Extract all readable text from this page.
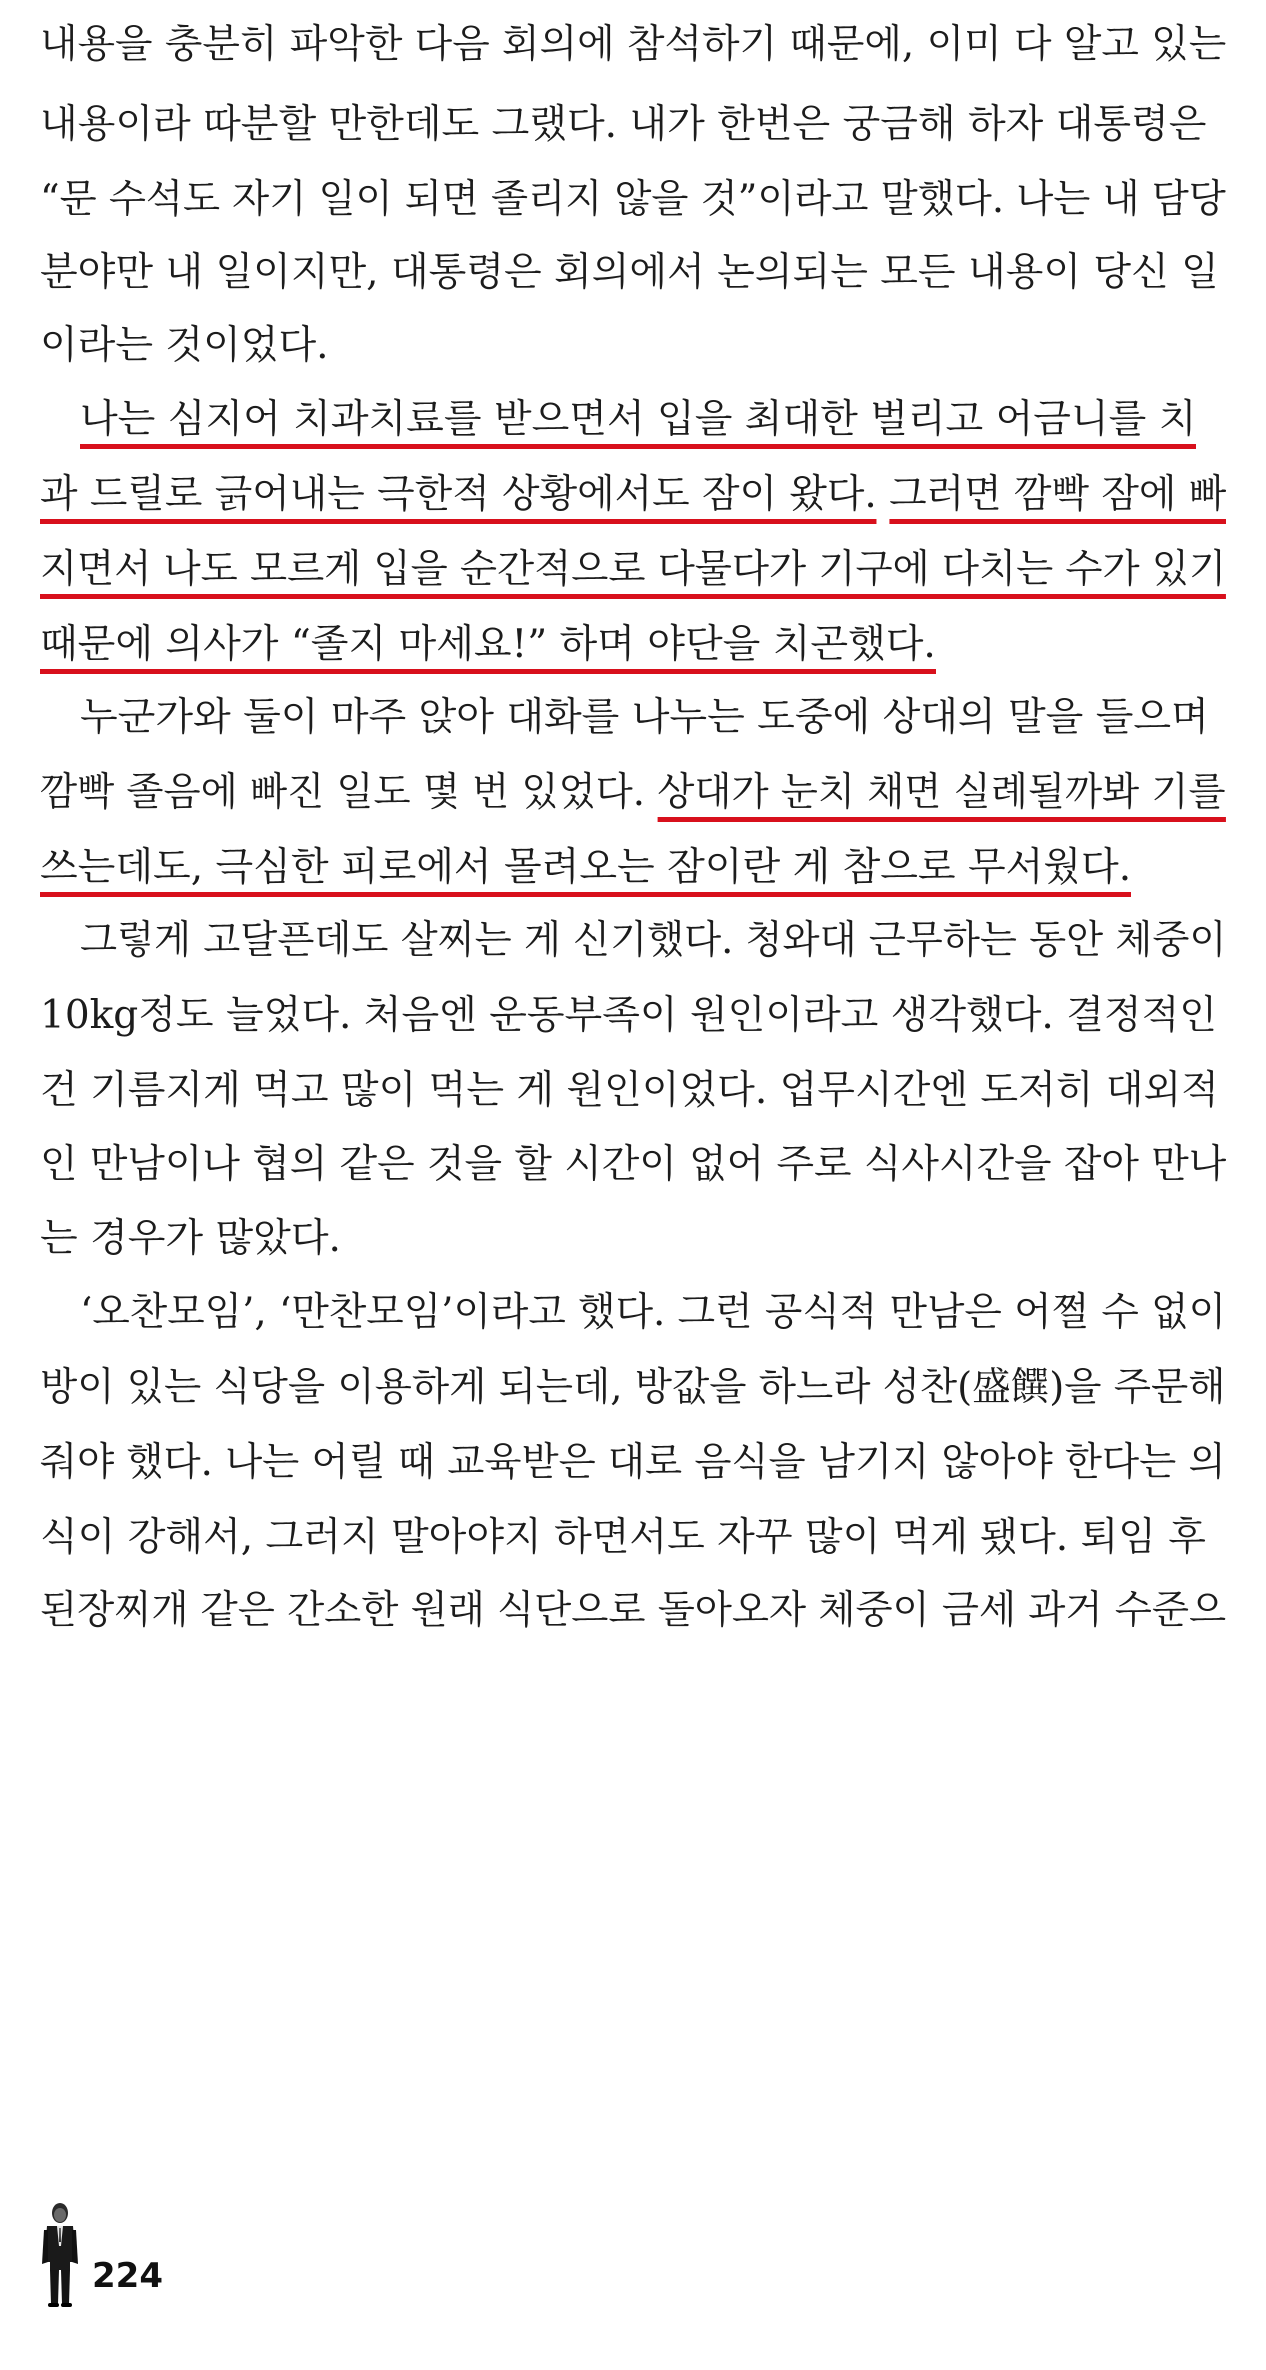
내용을 충분히 파악한 다음 회의에 참석하기 때문에, 이미 다 알고 있는
내용이라 따분할 만한데도 그랬다. 내가 한번은 궁금해 하자 대통령은
“문 수석도 자기 일이 되면 졸리지 않을 것”이라고 말했다. 나는 내 담당
분야만 내 일이지만, 대통령은 회의에서 논의되는 모든 내용이 당신 일
이라는 것이었다.
나는 심지어 치과치료를 받으면서 입을 최대한 벌리고 어금니를 치
과 드릴로 긁어내는 극한적 상황에서도 잠이 왔다. 그러면 깜빡 잠에 빠
지면서 나도 모르게 입을 순간적으로 다물다가 기구에 다치는 수가 있기
때문에 의사가 “졸지 마세요!” 하며 야단을 치곤했다.
누군가와 둘이 마주 앉아 대화를 나누는 도중에 상대의 말을 들으며
깜빡 졸음에 빠진 일도 몇 번 있었다. 상대가 눈치 채면 실례될까봐 기를
쓰는데도, 극심한 피로에서 몰려오는 잠이란 게 참으로 무서웠다.
그렇게 고달픈데도 살찌는 게 신기했다. 청와대 근무하는 동안 체중이
10kg정도 늘었다. 처음엔 운동부족이 원인이라고 생각했다. 결정적인
건 기름지게 먹고 많이 먹는 게 원인이었다. 업무시간엔 도저히 대외적
인 만남이나 협의 같은 것을 할 시간이 없어 주로 식사시간을 잡아 만나
는 경우가 많았다.
‘오찬모임’, ‘만찬모임’이라고 했다. 그런 공식적 만남은 어쩔 수 없이
방이 있는 식당을 이용하게 되는데, 방값을 하느라 성찬(盛饌)을 주문해
줘야 했다. 나는 어릴 때 교육받은 대로 음식을 남기지 않아야 한다는 의
식이 강해서, 그러지 말아야지 하면서도 자꾸 많이 먹게 됐다. 퇴임 후
된장찌개 같은 간소한 원래 식단으로 돌아오자 체중이 금세 과거 수준으
224
